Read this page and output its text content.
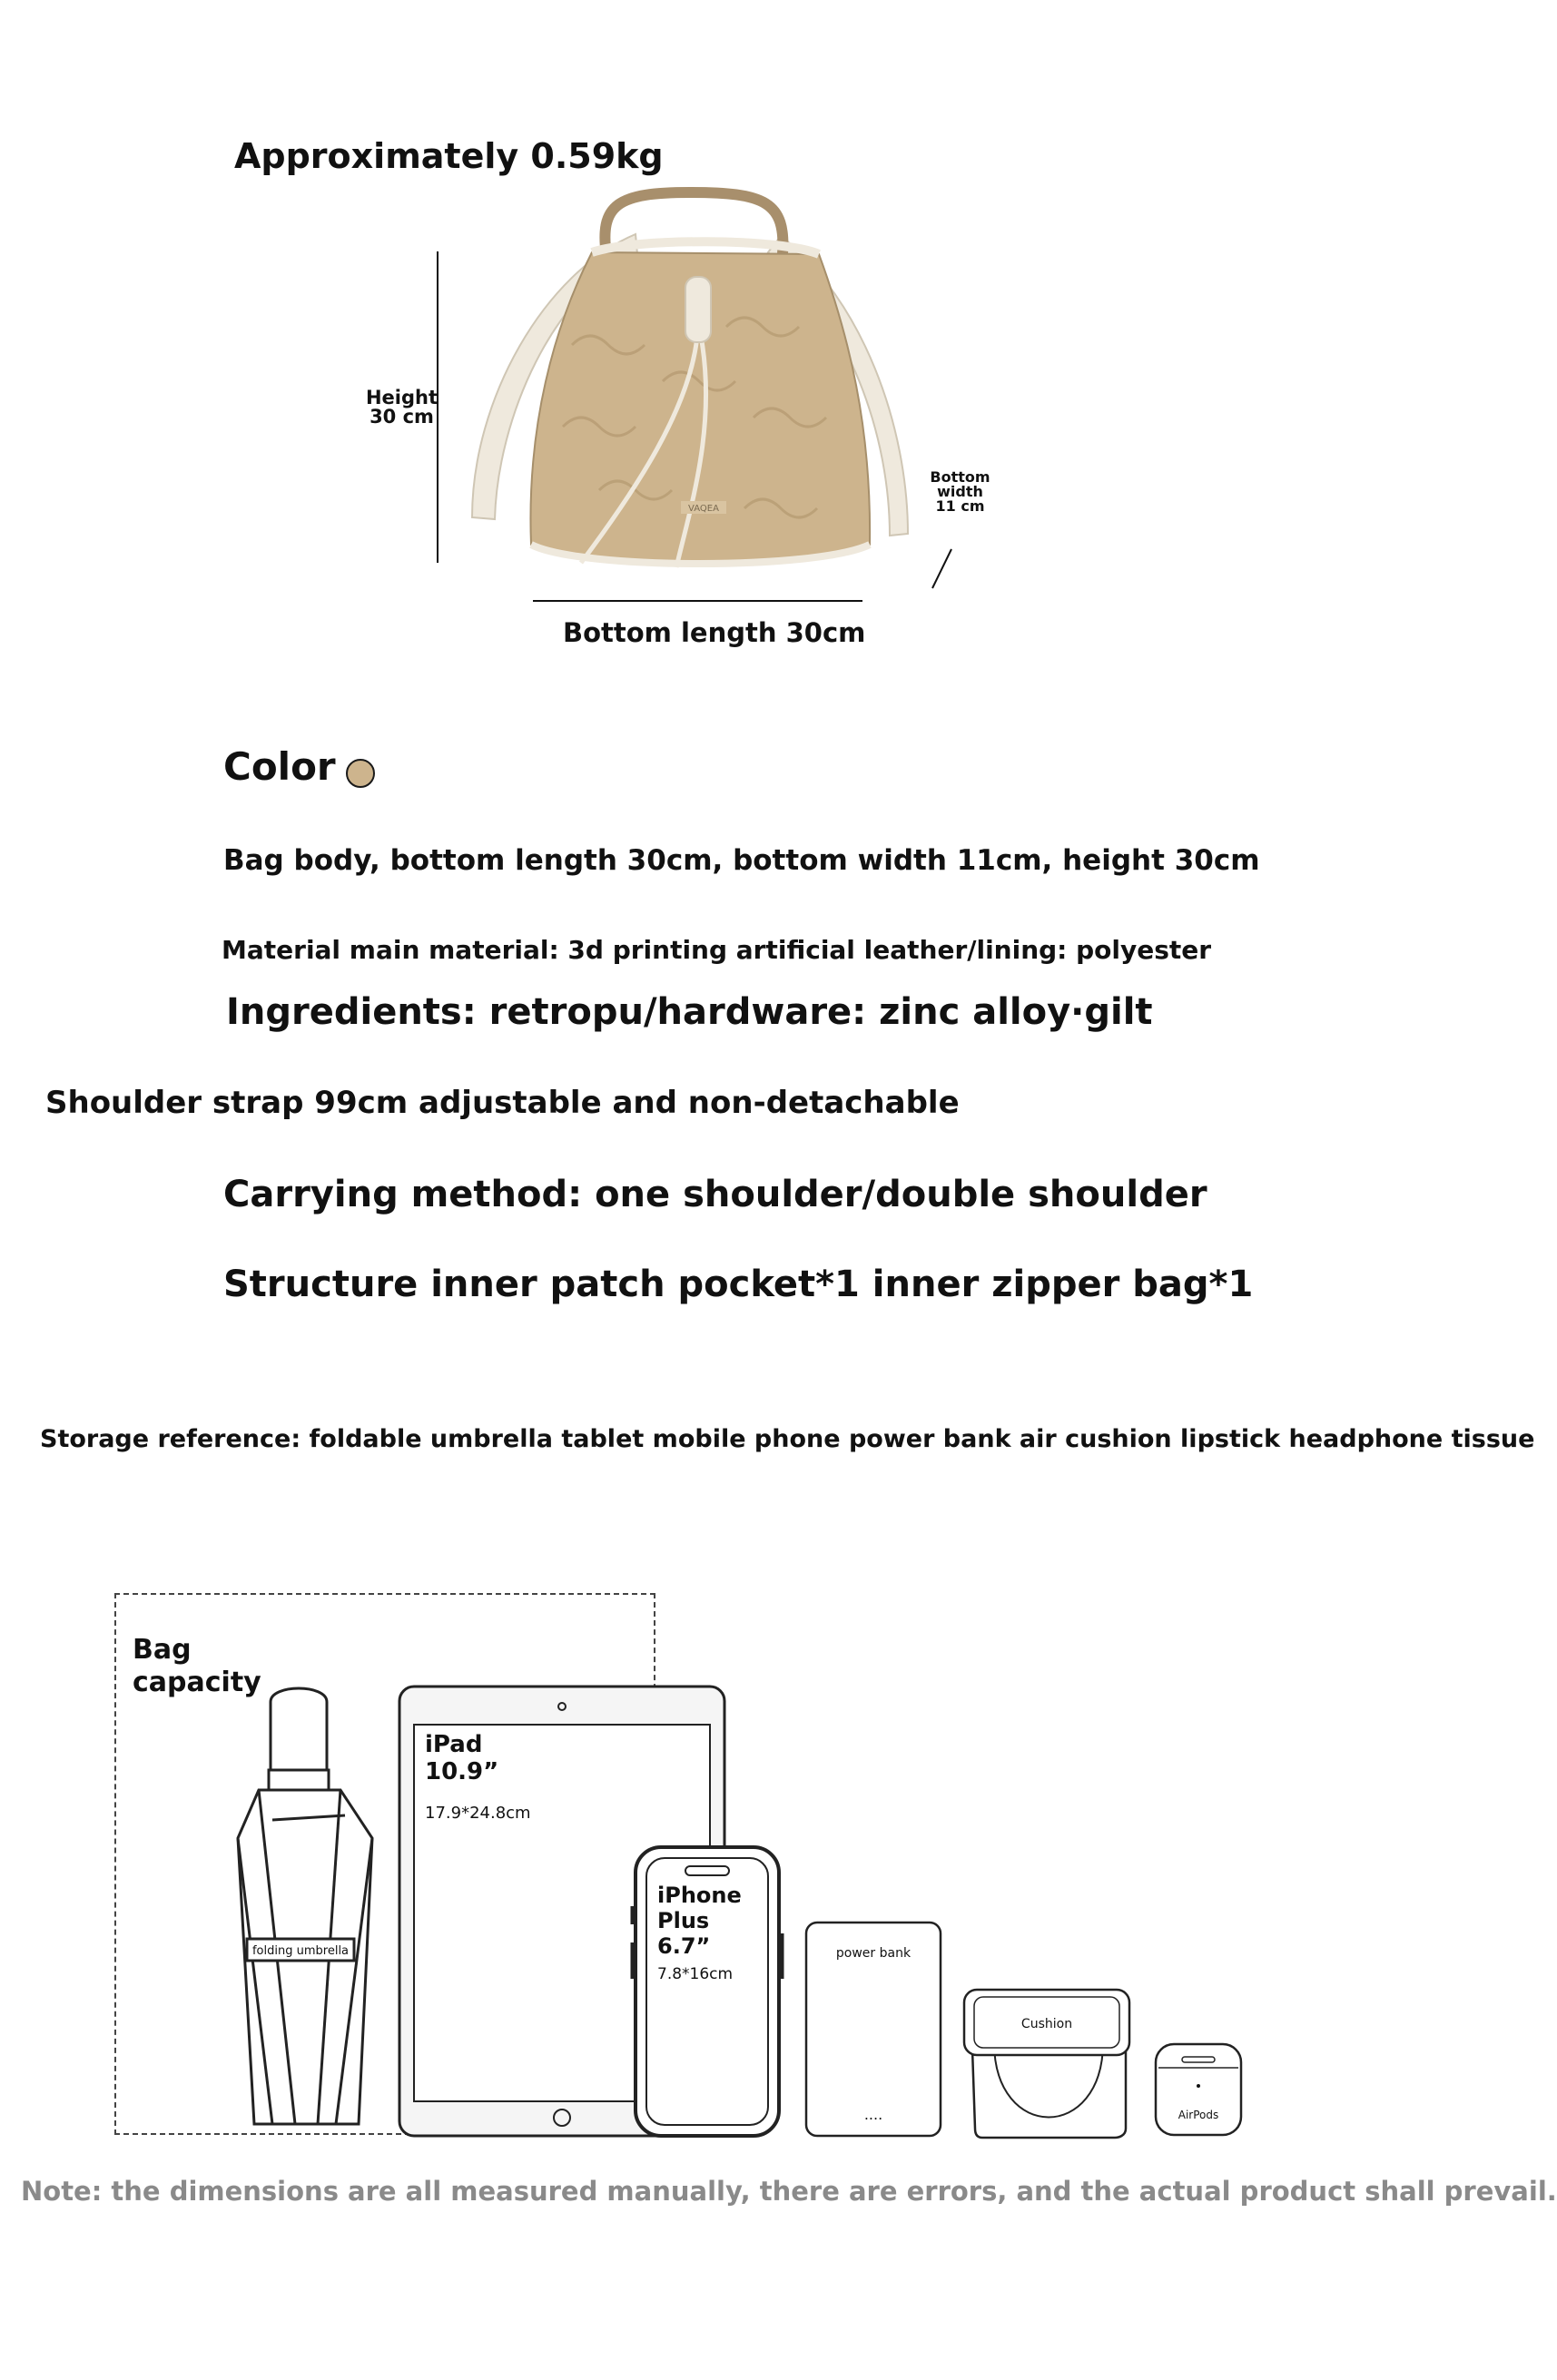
Approximately 0.59kg
VAQEA
Height
30 cm
Bottom
width
11 cm
Bottom length 30cm
Color
Bag body, bottom length 30cm, bottom width 11cm, height 30cm
Material main material: 3d printing artificial leather/lining: polyester
Ingredients: retropu/hardware: zinc alloy·gilt
Shoulder strap 99cm adjustable and non-detachable
Carrying method: one shoulder/double shoulder
Structure inner patch pocket*1 inner zipper bag*1
Storage reference: foldable umbrella tablet mobile phone power bank air cushion lipstick headphone tissue
Bag
capacity
folding umbrella
iPad
10.9”
17.9*24.8cm
iPhone
Plus
6.7”
7.8*16cm
power bank
....
Cushion
AirPods
Note: the dimensions are all measured manually, there are errors, and the actual product shall prevail.
